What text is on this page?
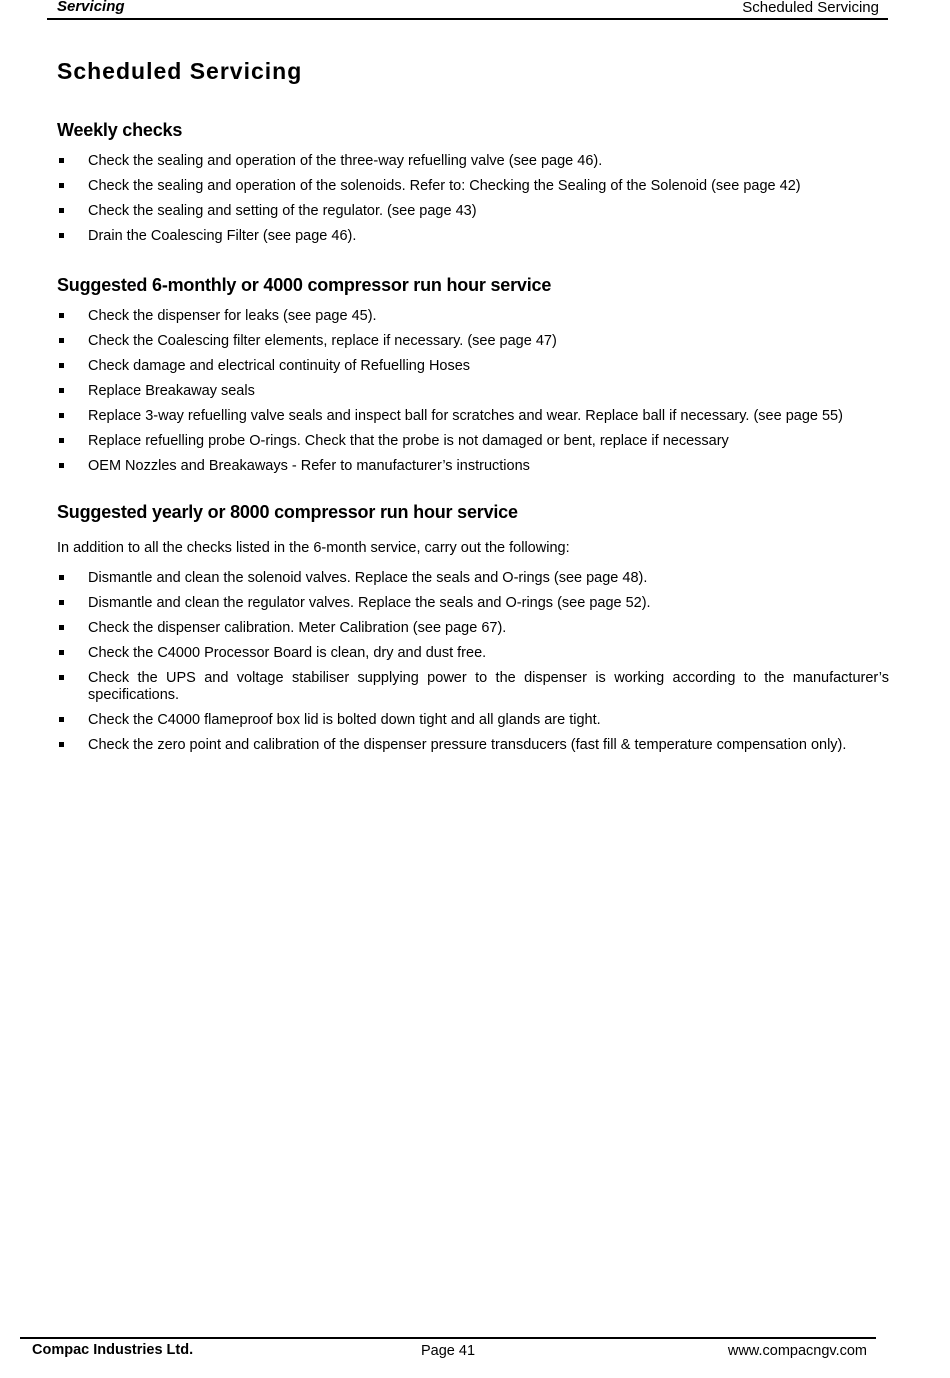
Servicing	Scheduled Servicing
Scheduled Servicing
Weekly checks
Check the sealing and operation of the three-way refuelling valve (see page 46).
Check the sealing and operation of the solenoids. Refer to: Checking the Sealing of the Solenoid (see page 42)
Check the sealing and setting of the regulator. (see page 43)
Drain the Coalescing Filter (see page 46).
Suggested 6-monthly or 4000 compressor run hour service
Check the dispenser for leaks (see page 45).
Check the Coalescing filter elements, replace if necessary. (see page 47)
Check damage and electrical continuity of Refuelling Hoses
Replace Breakaway seals
Replace 3-way refuelling valve seals and inspect ball for scratches and wear. Replace ball if necessary. (see page 55)
Replace refuelling probe O-rings. Check that the probe is not damaged or bent, replace if necessary
OEM Nozzles and Breakaways - Refer to manufacturer’s instructions
Suggested yearly or 8000 compressor run hour service

In addition to all the checks listed in the 6-month service, carry out the following:

Dismantle and clean the solenoid valves. Replace the seals and O-rings (see page 48).
Dismantle and clean the regulator valves. Replace the seals and O-rings (see page 52).
Check the dispenser calibration. Meter Calibration (see page 67).
Check the C4000 Processor Board is clean, dry and dust free.
Check the UPS and voltage stabiliser supplying power to the dispenser is working according to the manufacturer’s specifications.
Check the C4000 flameproof box lid is bolted down tight and all glands are tight.
Check the zero point and calibration of the dispenser pressure transducers (fast fill & temperature compensation only).
Compac Industries Ltd.	Page 41	www.compacngv.com
